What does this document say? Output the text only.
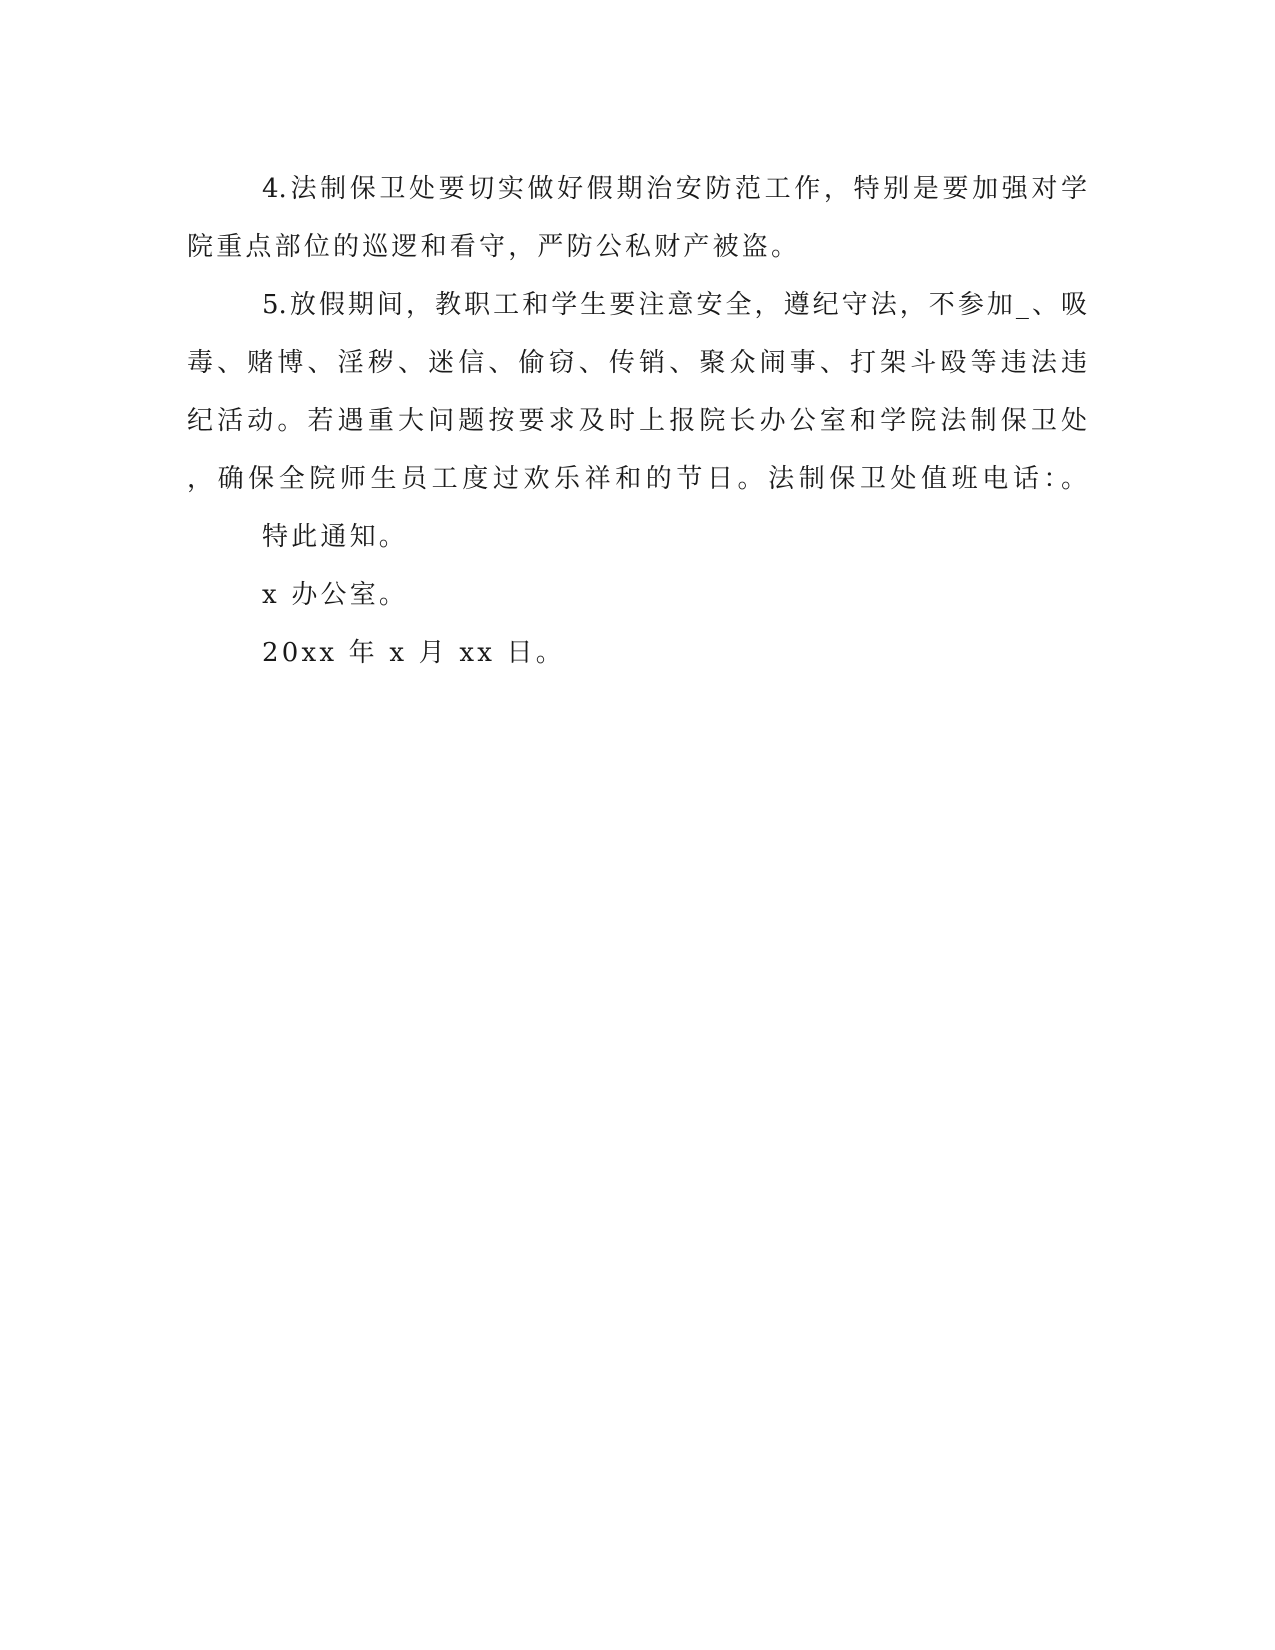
4.法制保卫处要切实做好假期治安防范工作，特别是要加强对学
院重点部位的巡逻和看守，严防公私财产被盗。
5.放假期间，教职工和学生要注意安全，遵纪守法，不参加_、吸
毒、赌博、淫秽、迷信、偷窃、传销、聚众闹事、打架斗殴等违法违
纪活动。若遇重大问题按要求及时上报院长办公室和学院法制保卫处
，确保全院师生员工度过欢乐祥和的节日。法制保卫处值班电话：。
特此通知。
x 办公室。
20xx 年 x 月 xx 日。
